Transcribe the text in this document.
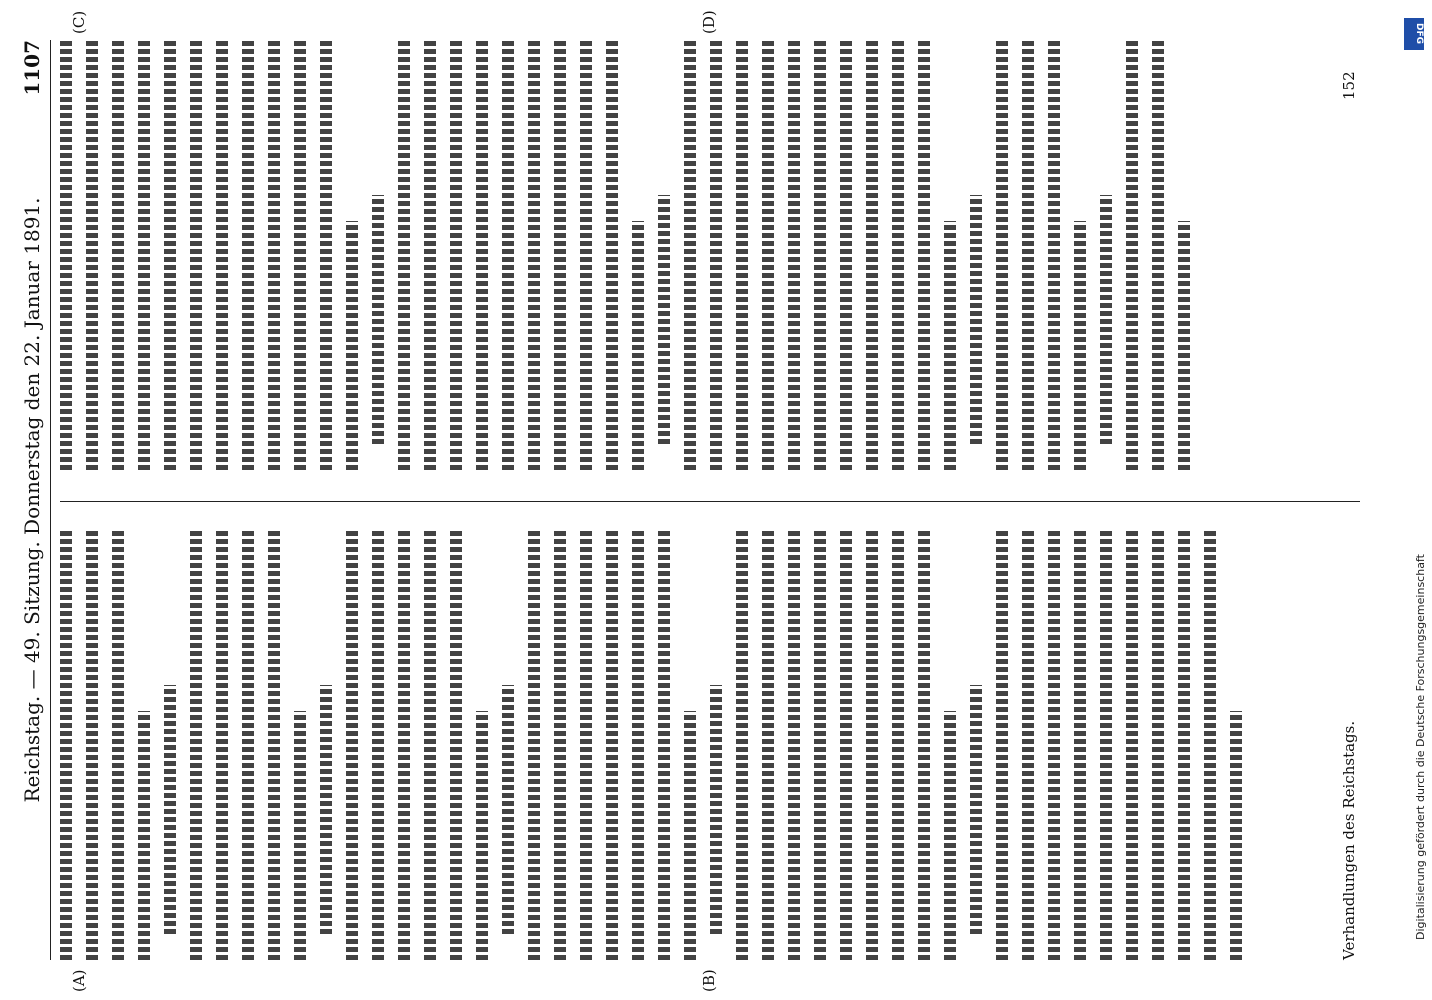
Reichstag. — 49. Sitzung. Donnerstag den 22. Januar 1891.
1107
(A)	(B)
(C)	(D)
Verhandlungen des Reichstags.
152
DFG
Digitalisierung gefördert durch die Deutsche Forschungsgemeinschaft
